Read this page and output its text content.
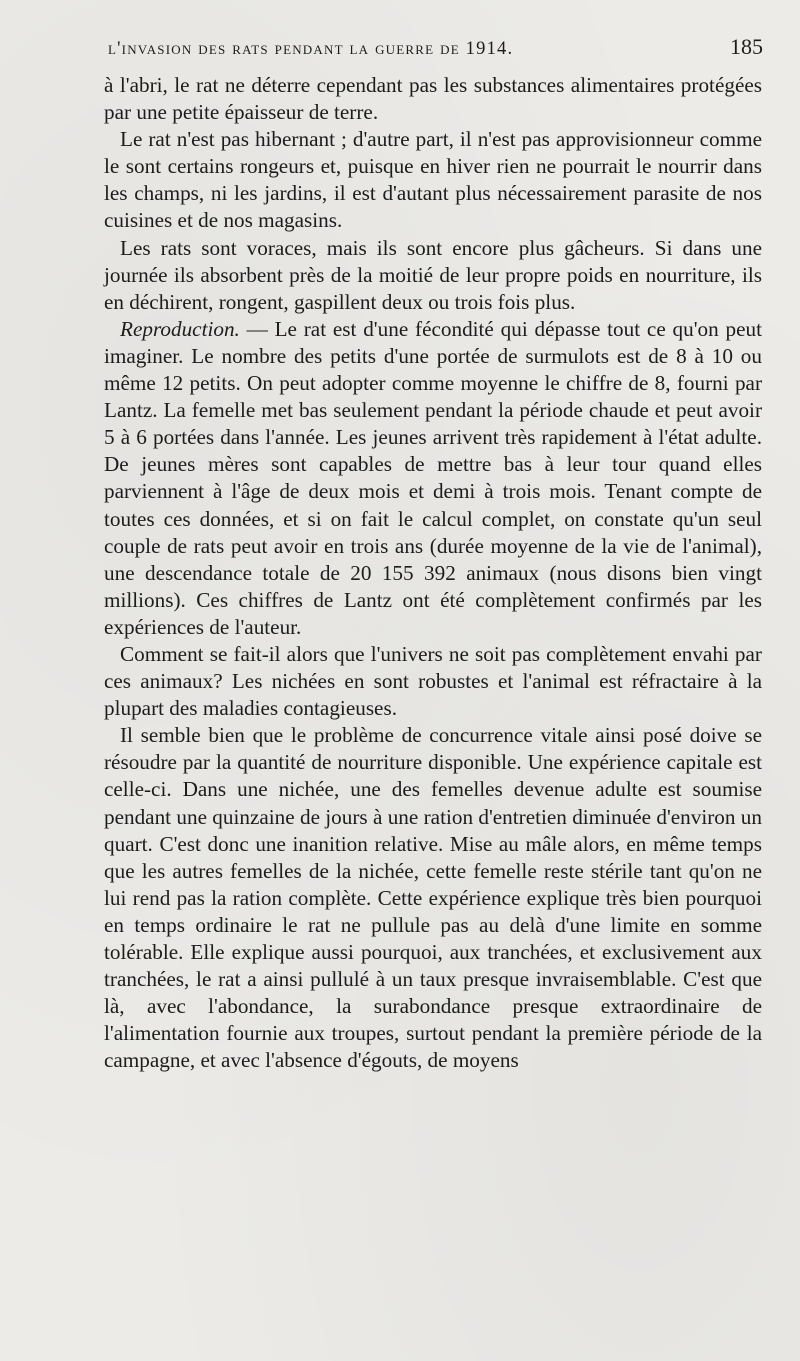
l'invasion des rats pendant la guerre de 1914.	185

à l'abri, le rat ne déterre cependant pas les substances alimentaires protégées par une petite épaisseur de terre.

Le rat n'est pas hibernant ; d'autre part, il n'est pas approvisionneur comme le sont certains rongeurs et, puisque en hiver rien ne pourrait le nourrir dans les champs, ni les jardins, il est d'autant plus nécessairement parasite de nos cuisines et de nos magasins.

Les rats sont voraces, mais ils sont encore plus gâcheurs. Si dans une journée ils absorbent près de la moitié de leur propre poids en nourriture, ils en déchirent, rongent, gaspillent deux ou trois fois plus.

Reproduction. — Le rat est d'une fécondité qui dépasse tout ce qu'on peut imaginer. Le nombre des petits d'une portée de surmulots est de 8 à 10 ou même 12 petits. On peut adopter comme moyenne le chiffre de 8, fourni par Lantz. La femelle met bas seulement pendant la période chaude et peut avoir 5 à 6 portées dans l'année. Les jeunes arrivent très rapidement à l'état adulte. De jeunes mères sont capables de mettre bas à leur tour quand elles parviennent à l'âge de deux mois et demi à trois mois. Tenant compte de toutes ces données, et si on fait le calcul complet, on constate qu'un seul couple de rats peut avoir en trois ans (durée moyenne de la vie de l'animal), une descendance totale de 20 155 392 animaux (nous disons bien vingt millions). Ces chiffres de Lantz ont été complètement confirmés par les expériences de l'auteur.

Comment se fait-il alors que l'univers ne soit pas complètement envahi par ces animaux? Les nichées en sont robustes et l'animal est réfractaire à la plupart des maladies contagieuses.

Il semble bien que le problème de concurrence vitale ainsi posé doive se résoudre par la quantité de nourriture disponible. Une expérience capitale est celle-ci. Dans une nichée, une des femelles devenue adulte est soumise pendant une quinzaine de jours à une ration d'entretien diminuée d'environ un quart. C'est donc une inanition relative. Mise au mâle alors, en même temps que les autres femelles de la nichée, cette femelle reste stérile tant qu'on ne lui rend pas la ration complète. Cette expérience explique très bien pourquoi en temps ordinaire le rat ne pullule pas au delà d'une limite en somme tolérable. Elle explique aussi pourquoi, aux tranchées, et exclusivement aux tranchées, le rat a ainsi pullulé à un taux presque invraisemblable. C'est que là, avec l'abondance, la surabondance presque extraordinaire de l'alimentation fournie aux troupes, surtout pendant la première période de la campagne, et avec l'absence d'égouts, de moyens
